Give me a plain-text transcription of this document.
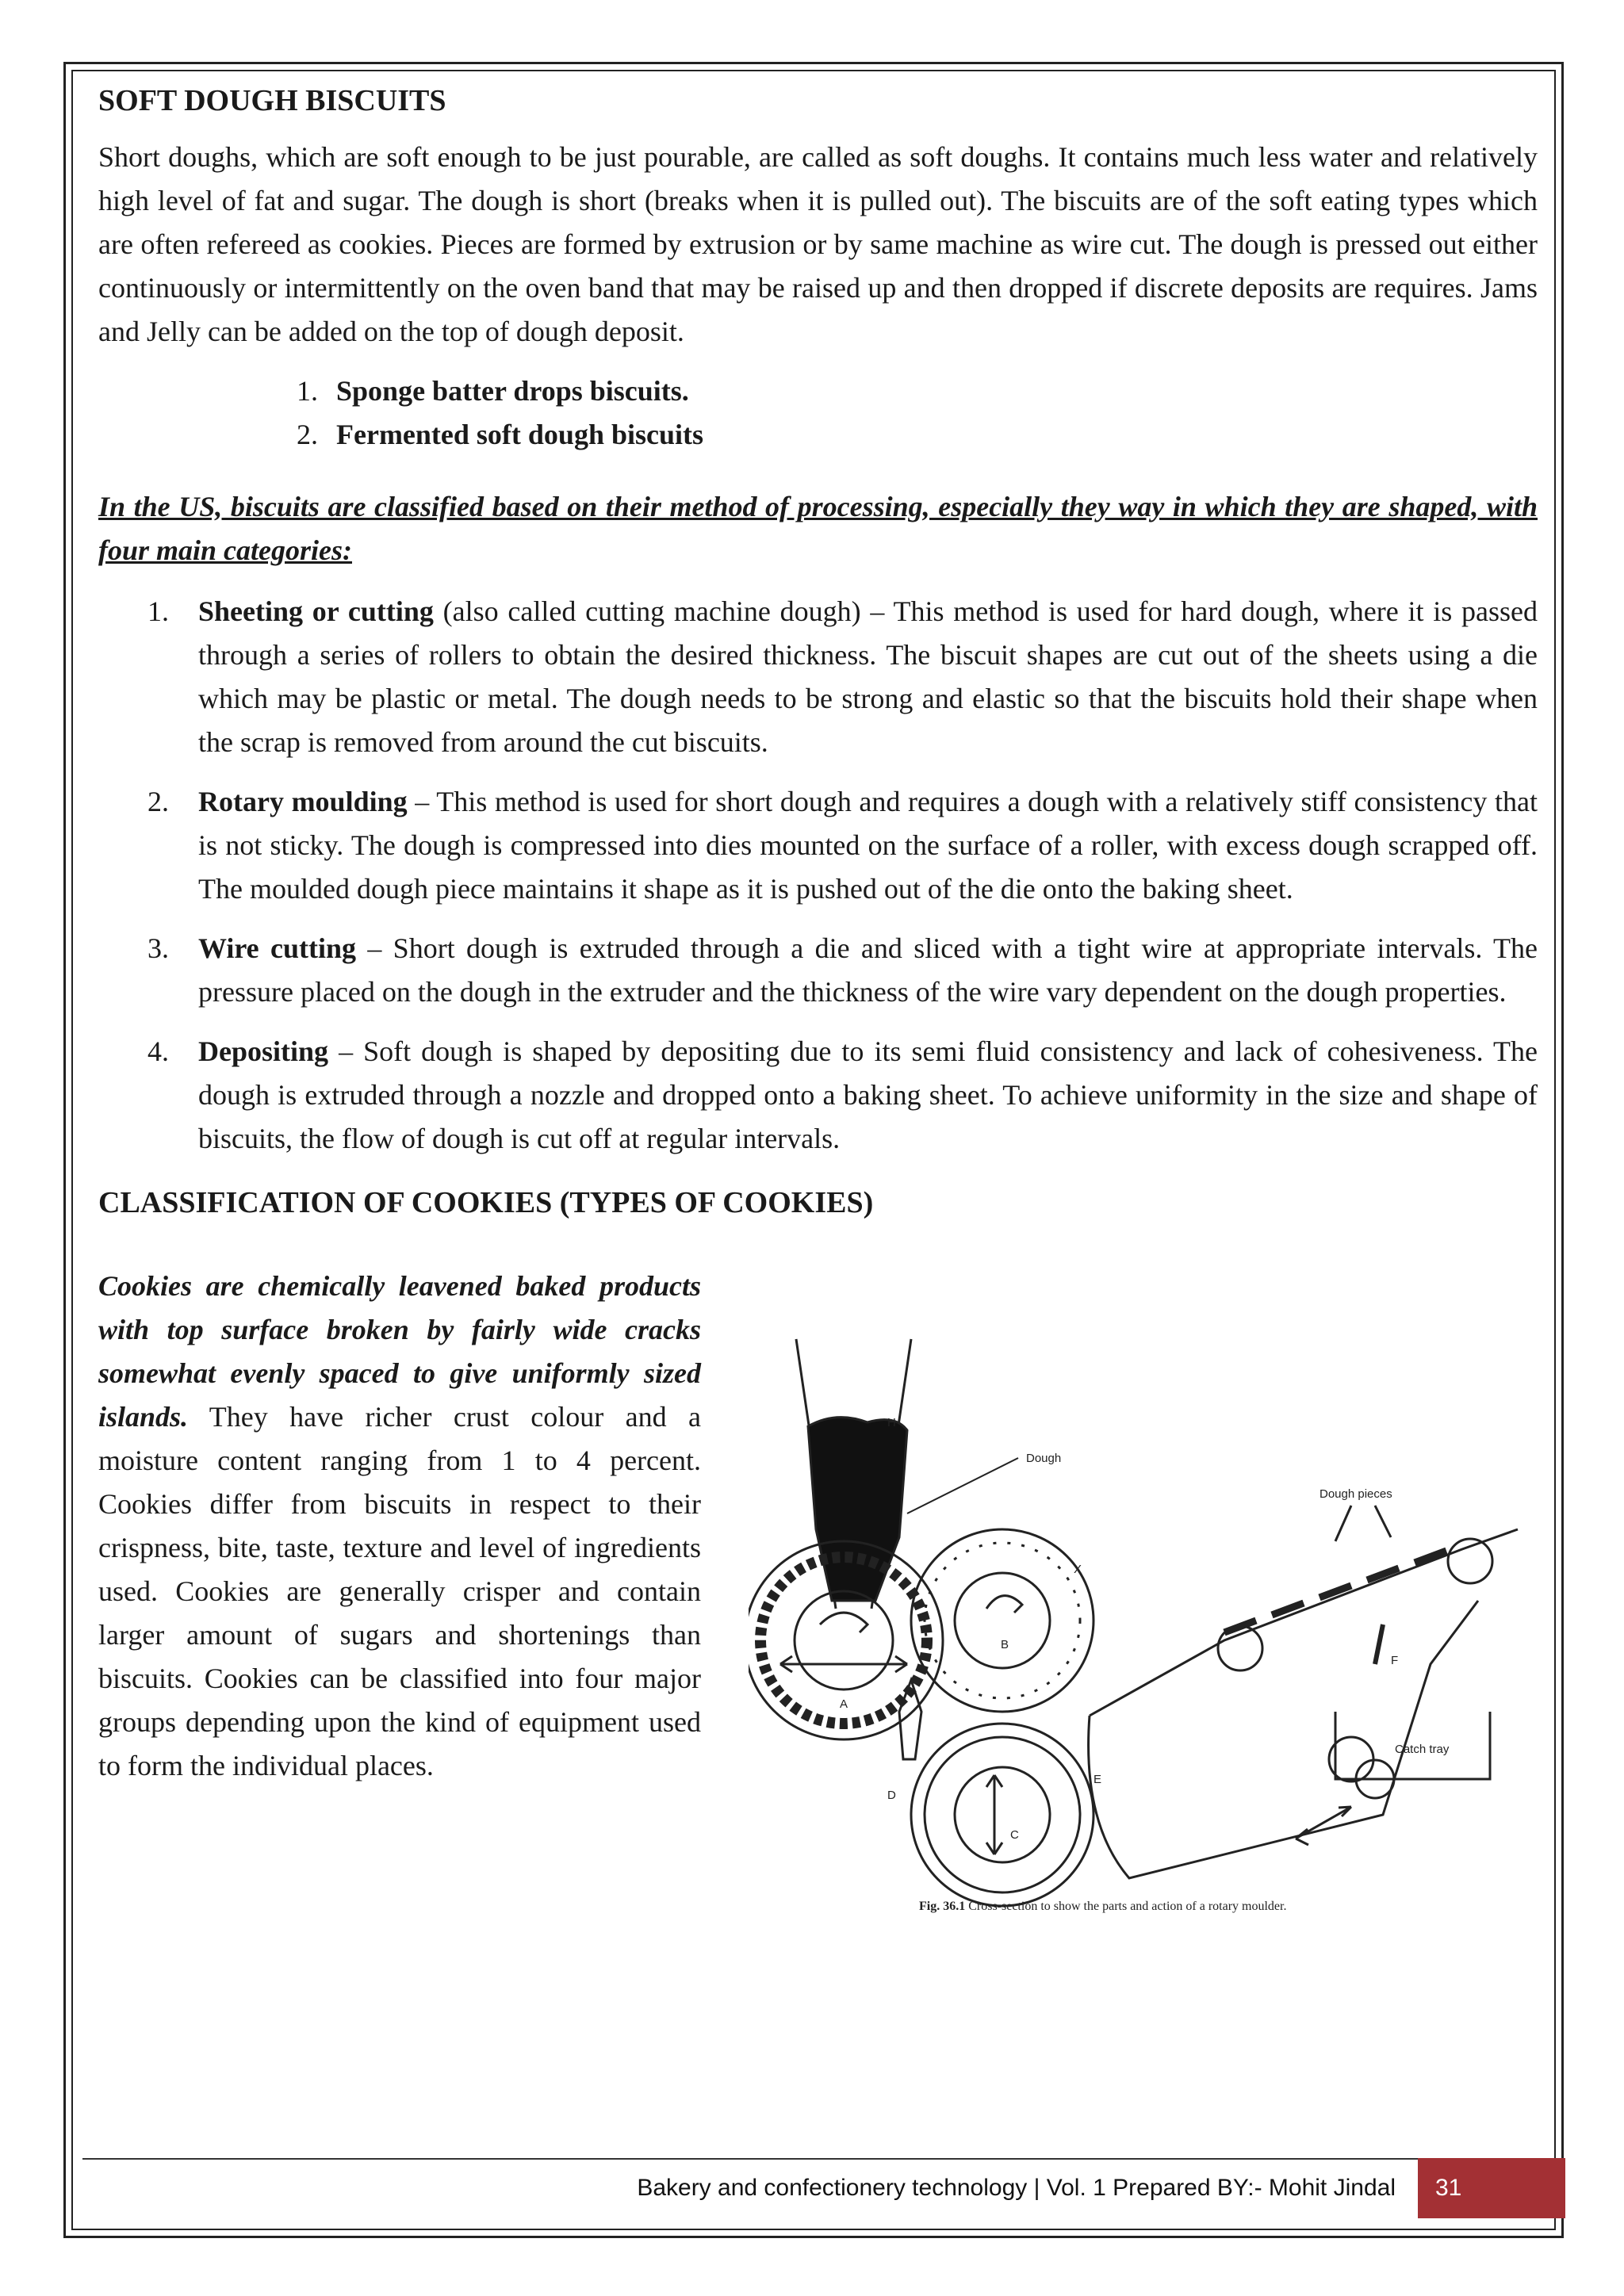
SOFT DOUGH BISCUITS

Short doughs, which are soft enough to be just pourable, are called as soft doughs. It contains much less water and relatively high level of fat and sugar. The dough is short (breaks when it is pulled out). The biscuits are of the soft eating types which are often refereed as cookies. Pieces are formed by extrusion or by same machine as wire cut. The dough is pressed out either continuously or intermittently on the oven band that may be raised up and then dropped if discrete deposits are requires. Jams and Jelly can be added on the top of dough deposit.

1. Sponge batter drops biscuits.
2. Fermented soft dough biscuits

In the US, biscuits are classified based on their method of processing, especially they way in which they are shaped, with four main categories:

1. Sheeting or cutting (also called cutting machine dough) – This method is used for hard dough, where it is passed through a series of rollers to obtain the desired thickness. The biscuit shapes are cut out of the sheets using a die which may be plastic or metal. The dough needs to be strong and elastic so that the biscuits hold their shape when the scrap is removed from around the cut biscuits.
2. Rotary moulding – This method is used for short dough and requires a dough with a relatively stiff consistency that is not sticky. The dough is compressed into dies mounted on the surface of a roller, with excess dough scrapped off. The moulded dough piece maintains it shape as it is pushed out of the die onto the baking sheet.
3. Wire cutting – Short dough is extruded through a die and sliced with a tight wire at appropriate intervals. The pressure placed on the dough in the extruder and the thickness of the wire vary dependent on the dough properties.
4. Depositing – Soft dough is shaped by depositing due to its semi fluid consistency and lack of cohesiveness. The dough is extruded through a nozzle and dropped onto a baking sheet. To achieve uniformity in the size and shape of biscuits, the flow of dough is cut off at regular intervals.
CLASSIFICATION OF COOKIES (TYPES OF COOKIES)

Cookies are chemically leavened baked products with top surface broken by fairly wide cracks somewhat evenly spaced to give uniformly sized islands. They have richer crust colour and a moisture content ranging from 1 to 4 percent. Cookies differ from biscuits in respect to their crispness, bite, taste, texture and level of ingredients used. Cookies are generally crisper and contain larger amount of sugars and shortenings than biscuits. Cookies can be classified into four major groups depending upon the kind of equipment used to form the individual places.

H
Dough
Dough pieces
X
A
B
C
D
E
F
Catch tray
Fig. 36.1 Cross-section to show the parts and action of a rotary moulder.
Bakery and confectionery technology | Vol. 1 Prepared BY:- Mohit Jindal	31
